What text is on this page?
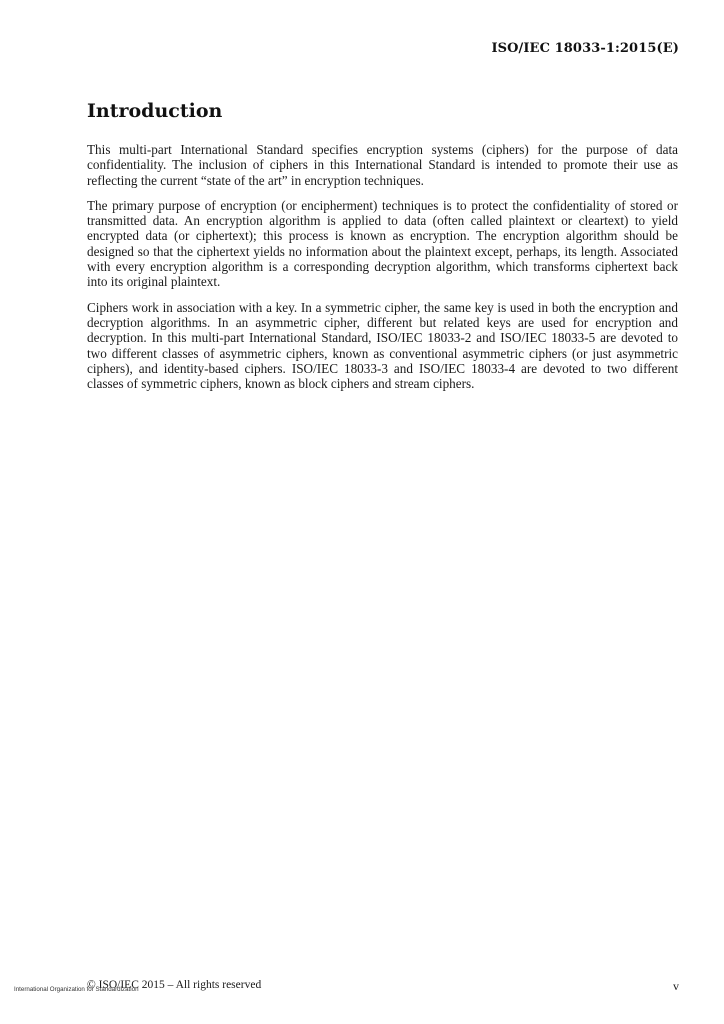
ISO/IEC 18033-1:2015(E)
Introduction

This multi-part International Standard specifies encryption systems (ciphers) for the purpose of data confidentiality. The inclusion of ciphers in this International Standard is intended to promote their use as reflecting the current “state of the art” in encryption techniques.

The primary purpose of encryption (or encipherment) techniques is to protect the confidentiality of stored or transmitted data. An encryption algorithm is applied to data (often called plaintext or cleartext) to yield encrypted data (or ciphertext); this process is known as encryption. The encryption algorithm should be designed so that the ciphertext yields no information about the plaintext except, perhaps, its length. Associated with every encryption algorithm is a corresponding decryption algorithm, which transforms ciphertext back into its original plaintext.

Ciphers work in association with a key. In a symmetric cipher, the same key is used in both the encryption and decryption algorithms. In an asymmetric cipher, different but related keys are used for encryption and decryption. In this multi-part International Standard, ISO/IEC 18033-2 and ISO/IEC 18033-5 are devoted to two different classes of asymmetric ciphers, known as conventional asymmetric ciphers (or just asymmetric ciphers), and identity-based ciphers. ISO/IEC 18033-3 and ISO/IEC 18033-4 are devoted to two different classes of symmetric ciphers, known as block ciphers and stream ciphers.

© ISO/IEC 2015 – All rights reserved
International Organization for Standardization	v
